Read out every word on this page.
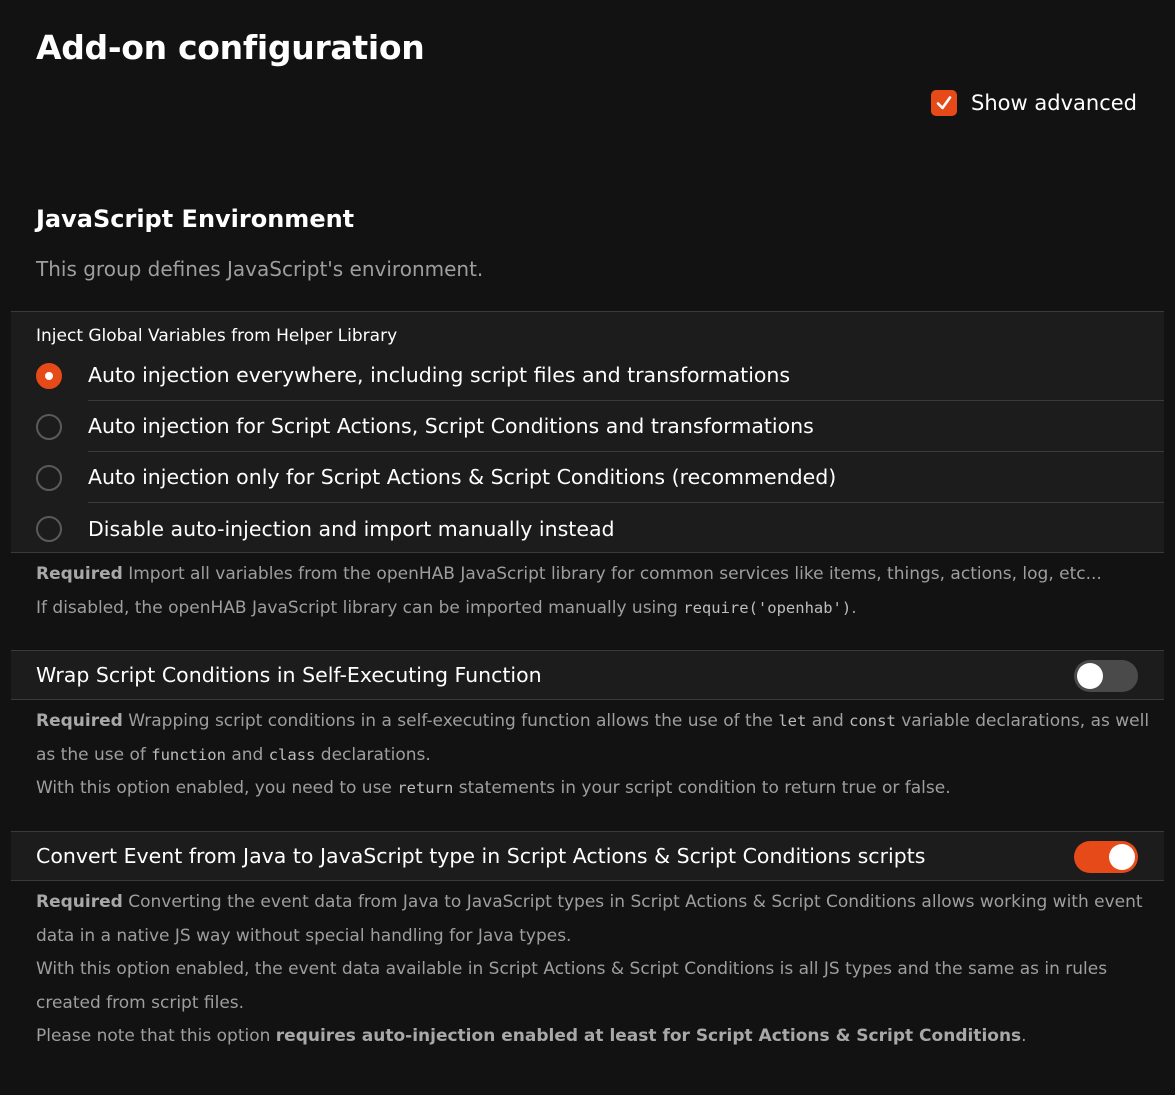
Add-on configuration
Show advanced
JavaScript Environment

This group defines JavaScript's environment.

Inject Global Variables from Helper Library
Auto injection everywhere, including script files and transformations
Auto injection for Script Actions, Script Conditions and transformations
Auto injection only for Script Actions & Script Conditions (recommended)
Disable auto-injection and import manually instead
Required Import all variables from the openHAB JavaScript library for common services like items, things, actions, log, etc...
If disabled, the openHAB JavaScript library can be imported manually using require('openhab').
Wrap Script Conditions in Self-Executing Function
Required Wrapping script conditions in a self-executing function allows the use of the let and const variable declarations, as well as the use of function and class declarations.
With this option enabled, you need to use return statements in your script condition to return true or false.
Convert Event from Java to JavaScript type in Script Actions & Script Conditions scripts
Required Converting the event data from Java to JavaScript types in Script Actions & Script Conditions allows working with event data in a native JS way without special handling for Java types.
With this option enabled, the event data available in Script Actions & Script Conditions is all JS types and the same as in rules created from script files.
Please note that this option requires auto-injection enabled at least for Script Actions & Script Conditions.
